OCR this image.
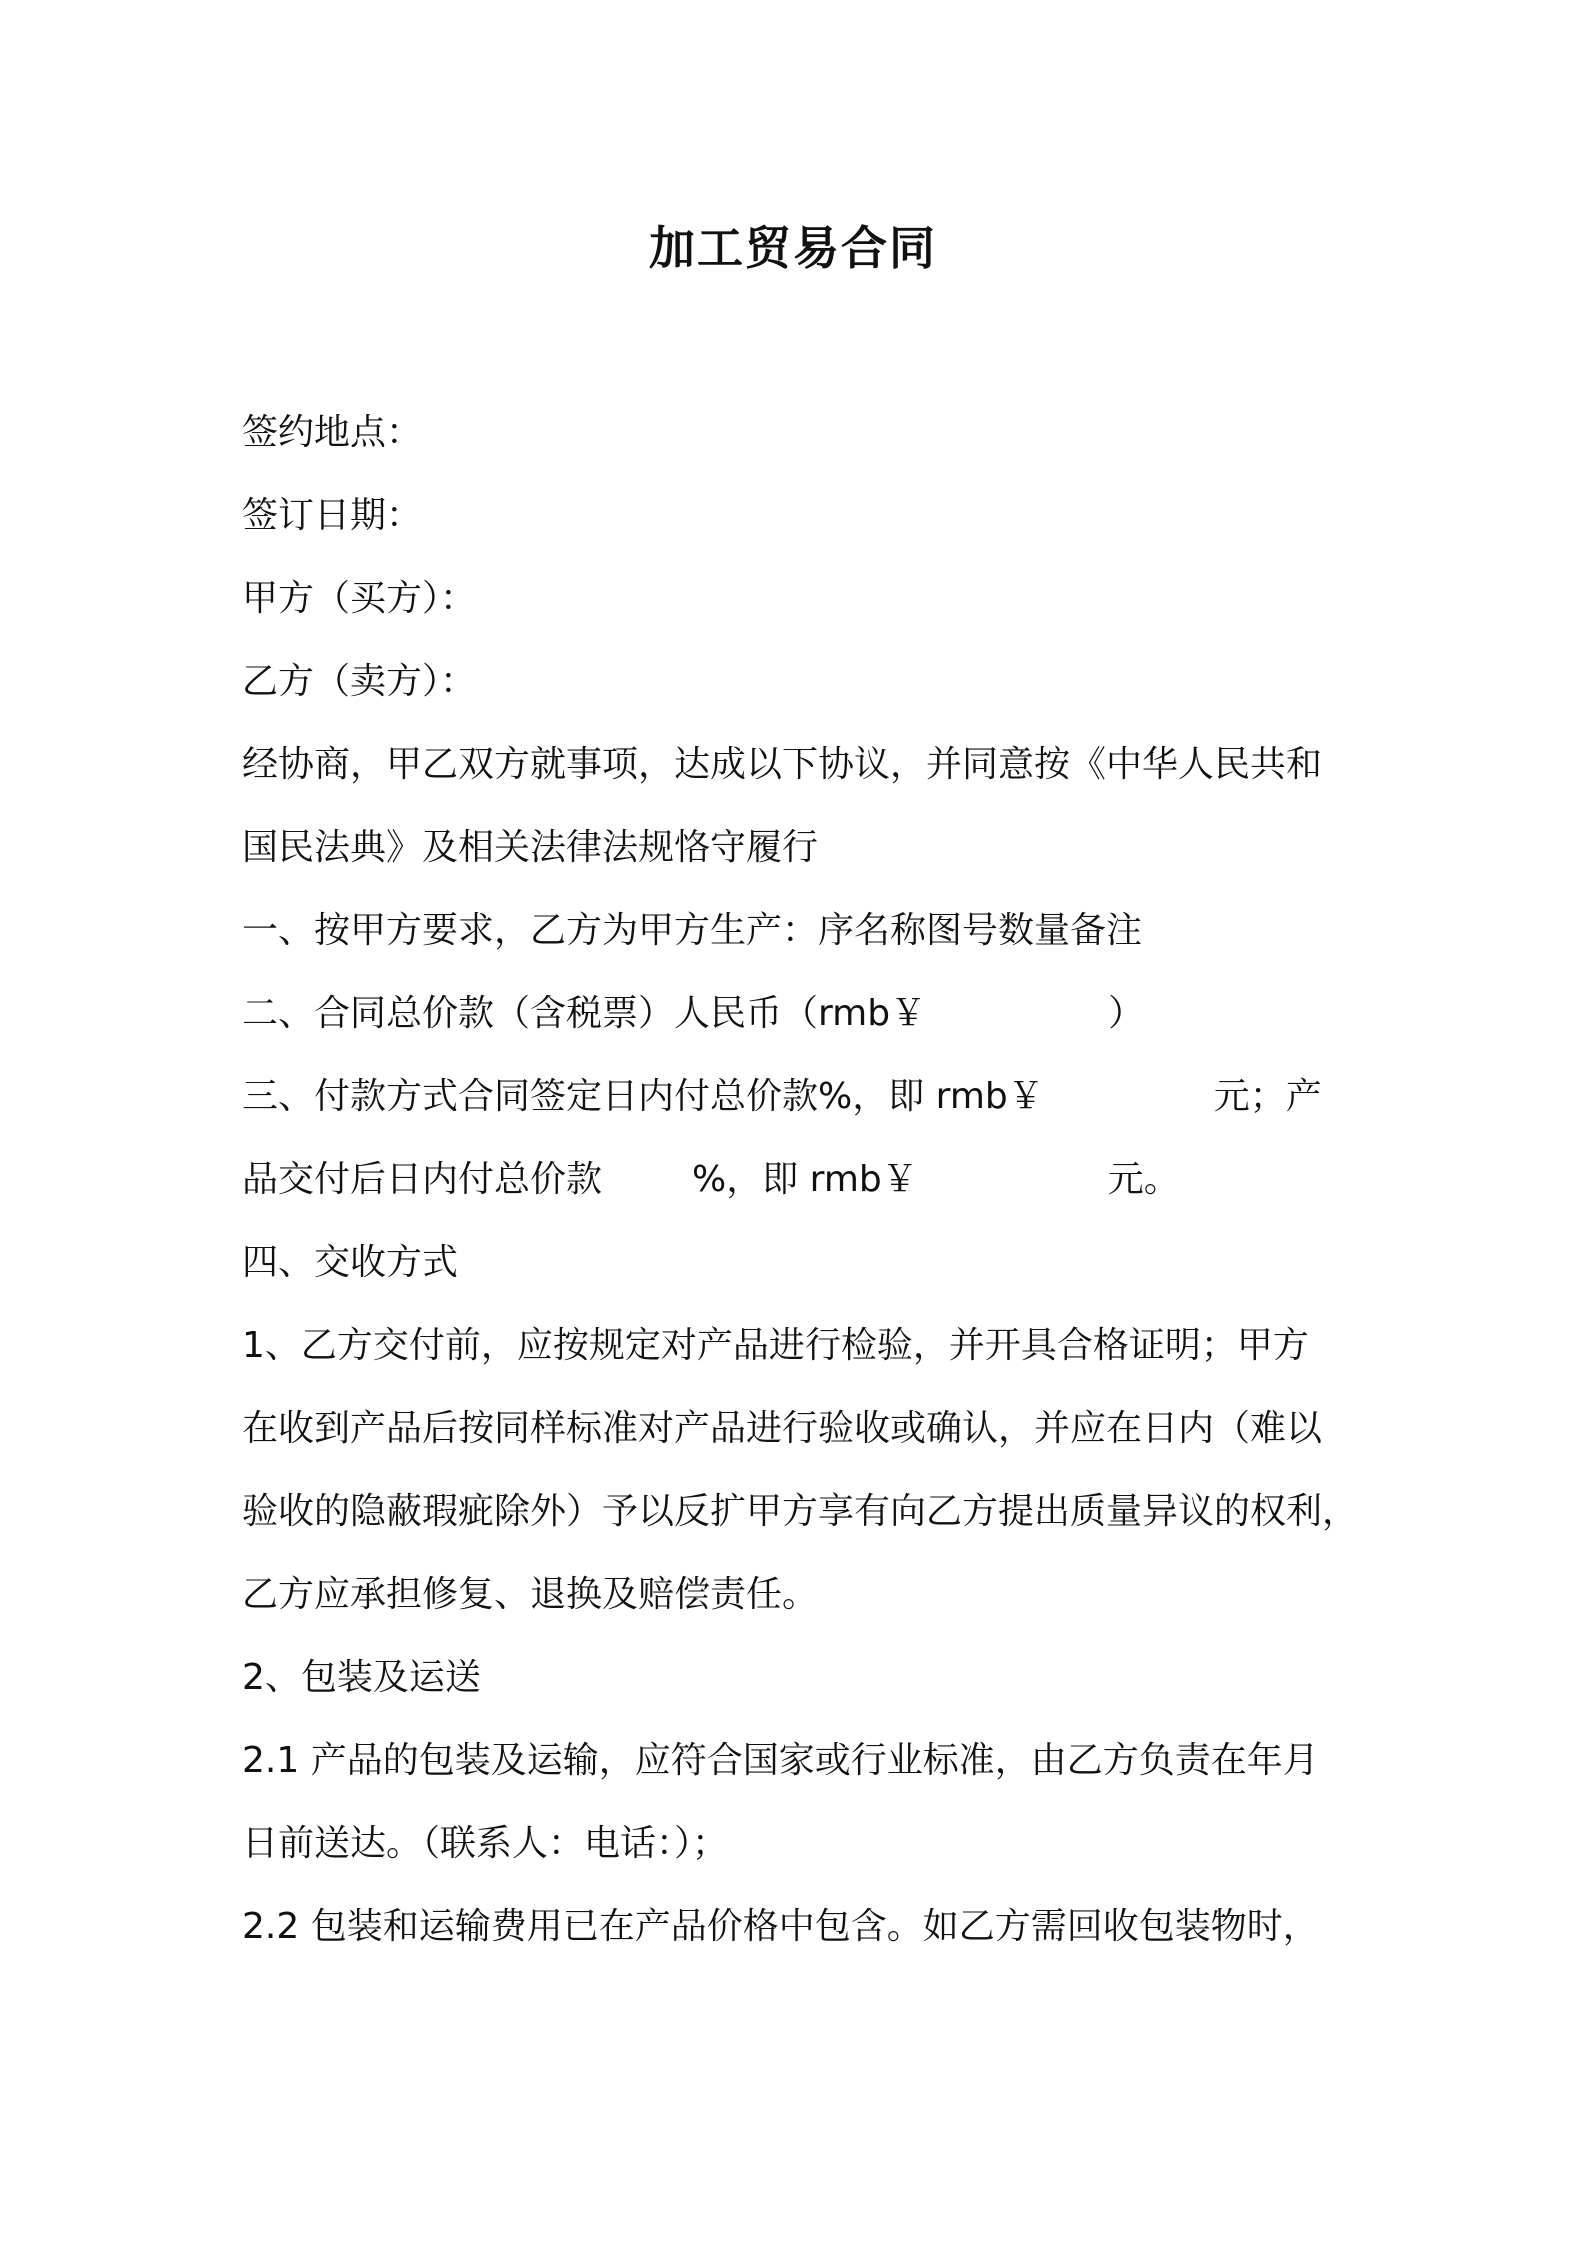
加工贸易合同
签约地点：
签订日期：
甲方（买方）：
乙方（卖方）：
经协商，甲乙双方就事项，达成以下协议，并同意按《中华人民共和
国民法典》及相关法律法规恪守履行
一、按甲方要求，乙方为甲方生产：序名称图号数量备注
二、合同总价款（含税票）人民币（rmb￥	）
三、付款方式合同签定日内付总价款%，即 rmb￥	元；产
品交付后日内付总价款	%，即 rmb￥	元。
四、交收方式
1、乙方交付前，应按规定对产品进行检验，并开具合格证明；甲方
在收到产品后按同样标准对产品进行验收或确认，并应在日内（难以
验收的隐蔽瑕疵除外）予以反扩甲方享有向乙方提出质量异议的权利，
乙方应承担修复、退换及赔偿责任。
2、包装及运送
2.1 产品的包装及运输，应符合国家或行业标准，由乙方负责在年月
日前送达。（联系人：电话：）；
2.2 包装和运输费用已在产品价格中包含。如乙方需回收包装物时，
